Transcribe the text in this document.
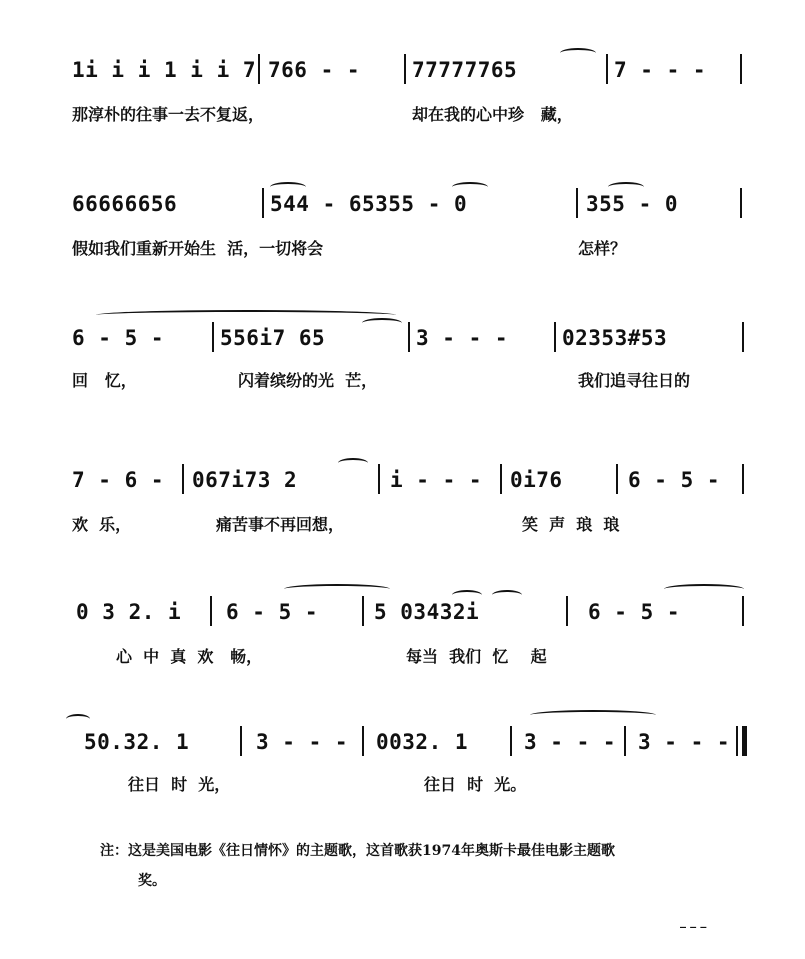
1i i i 1 i i 7 766 - - 77777765	7 - - -
那淳朴的往事一去不复返，	却在我的心中珍   藏，
66666656	544 - 65355 - 0	355 - 0
假如我们重新开始生  活，一切将会	怎样？
6 - 5 -	556i7 65	3 - - -	02353#53
回   忆，	闪着缤纷的光  芒，	我们追寻往日的
7 - 6 - 067i73 2	i - - - 0i76	6 - 5 -
欢  乐，	痛苦事不再回想，	笑  声  琅  琅
0 3 2. i 6 - 5 -	5 03432i	6 - 5 -
心  中  真  欢   畅，	每当  我们  忆    起
50.32. 1	3 - - - 0032. 1	3 - - - 3 - - -
往日  时  光，	往日  时  光。
注：这是美国电影《往日情怀》的主题歌，这首歌获1974年奥斯卡最佳电影主题歌
奖。
_ _ _
